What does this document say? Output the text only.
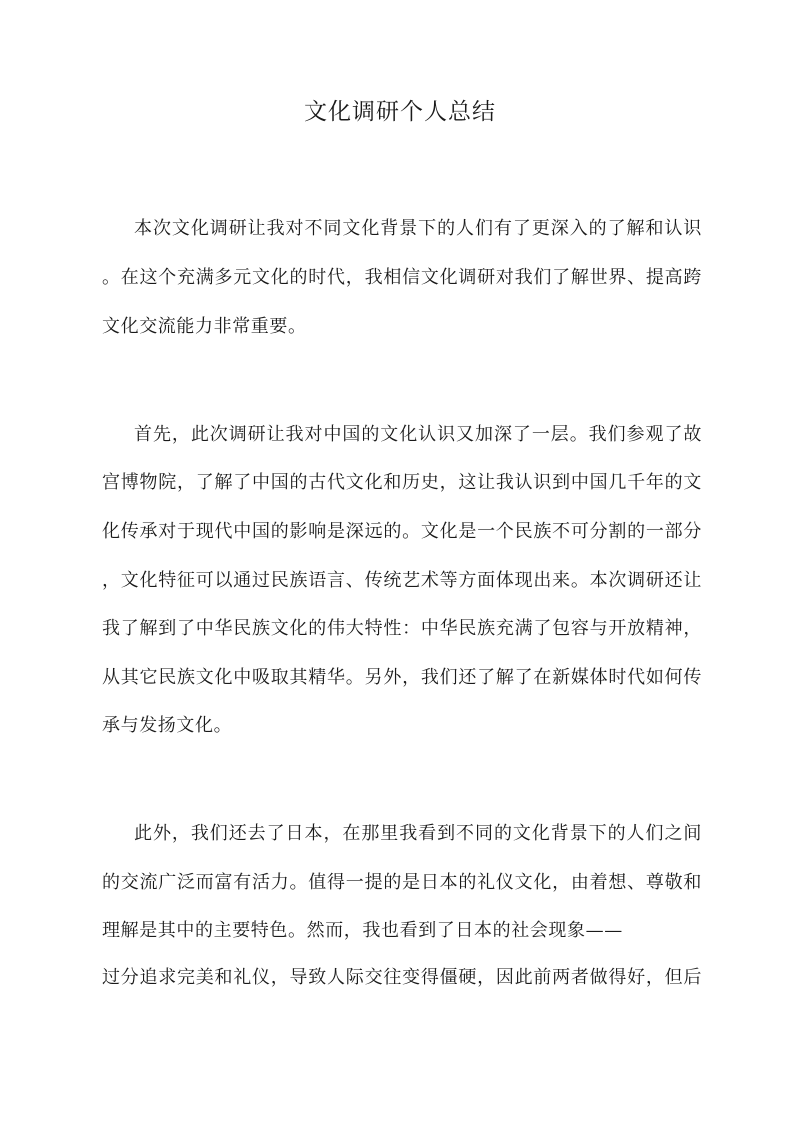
文化调研个人总结

本次文化调研让我对不同文化背景下的人们有了更深入的了解和认识

。在这个充满多元文化的时代，我相信文化调研对我们了解世界、提高跨

文化交流能力非常重要。

首先，此次调研让我对中国的文化认识又加深了一层。我们参观了故

宫博物院，了解了中国的古代文化和历史，这让我认识到中国几千年的文

化传承对于现代中国的影响是深远的。文化是一个民族不可分割的一部分

，文化特征可以通过民族语言、传统艺术等方面体现出来。本次调研还让

我了解到了中华民族文化的伟大特性：中华民族充满了包容与开放精神，

从其它民族文化中吸取其精华。另外，我们还了解了在新媒体时代如何传

承与发扬文化。

此外，我们还去了日本，在那里我看到不同的文化背景下的人们之间

的交流广泛而富有活力。值得一提的是日本的礼仪文化，由着想、尊敬和

理解是其中的主要特色。然而，我也看到了日本的社会现象——

过分追求完美和礼仪，导致人际交往变得僵硬，因此前两者做得好，但后
